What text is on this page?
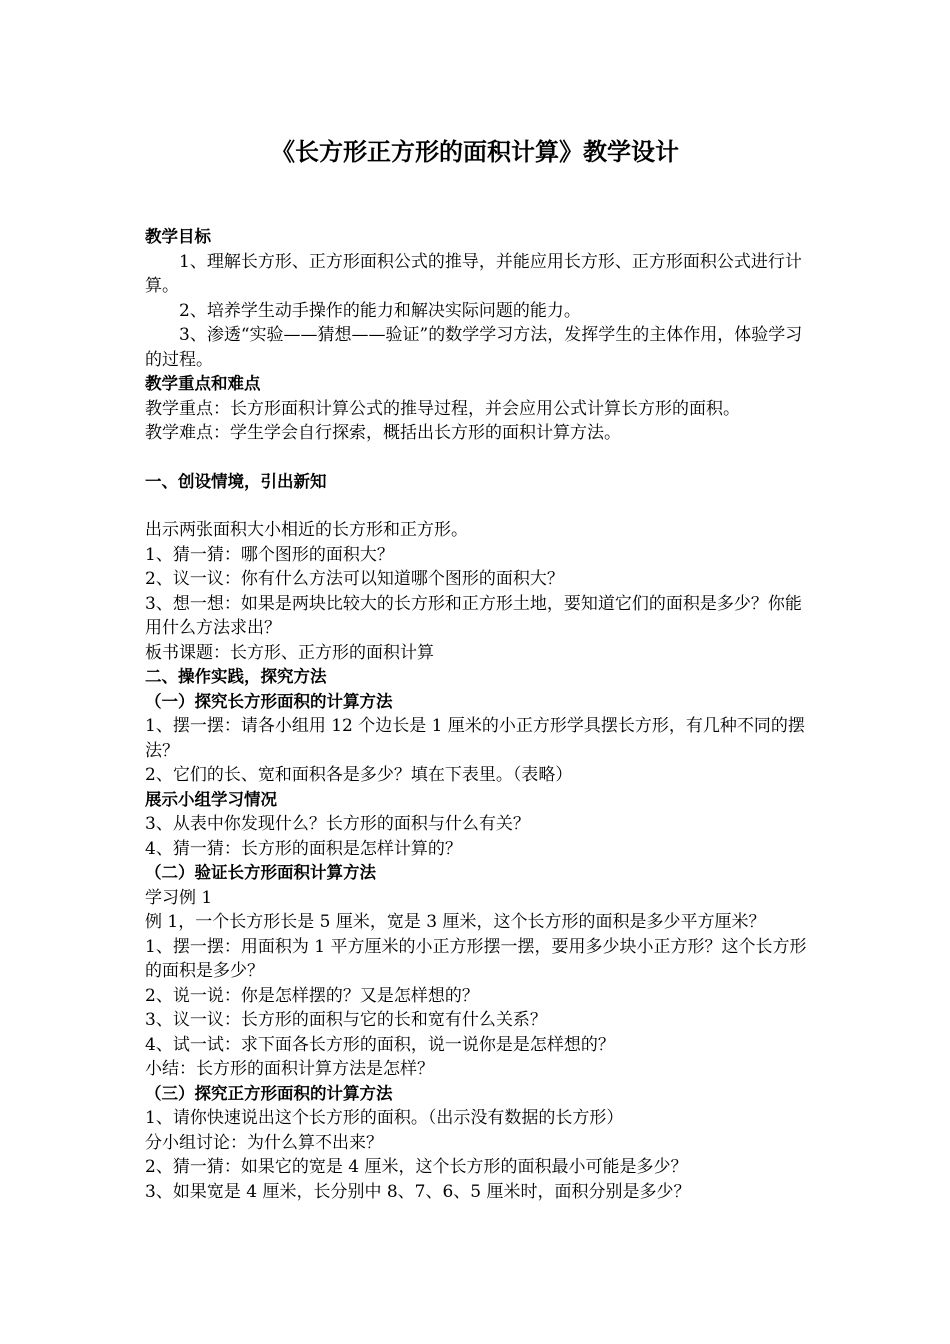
《长方形正方形的面积计算》教学设计

教学目标

1、理解长方形、正方形面积公式的推导，并能应用长方形、正方形面积公式进行计算。

2、培养学生动手操作的能力和解决实际问题的能力。

3、渗透“实验——猜想——验证”的数学学习方法，发挥学生的主体作用，体验学习的过程。

教学重点和难点

教学重点：长方形面积计算公式的推导过程，并会应用公式计算长方形的面积。

教学难点：学生学会自行探索，概括出长方形的面积计算方法。

一、创设情境，引出新知

出示两张面积大小相近的长方形和正方形。

1、猜一猜：哪个图形的面积大？

2、议一议：你有什么方法可以知道哪个图形的面积大？

3、想一想：如果是两块比较大的长方形和正方形土地，要知道它们的面积是多少？你能用什么方法求出？

板书课题：长方形、正方形的面积计算

二、操作实践，探究方法

（一）探究长方形面积的计算方法

1、摆一摆：请各小组用 12 个边长是 1 厘米的小正方形学具摆长方形，有几种不同的摆法？

2、它们的长、宽和面积各是多少？填在下表里。（表略）

展示小组学习情况

3、从表中你发现什么？长方形的面积与什么有关？

4、猜一猜：长方形的面积是怎样计算的？

（二）验证长方形面积计算方法

学习例 1

例 1，一个长方形长是 5 厘米，宽是 3 厘米，这个长方形的面积是多少平方厘米？

1、摆一摆：用面积为 1 平方厘米的小正方形摆一摆，要用多少块小正方形？这个长方形的面积是多少？

2、说一说：你是怎样摆的？又是怎样想的？

3、议一议：长方形的面积与它的长和宽有什么关系？

4、试一试：求下面各长方形的面积，说一说你是是怎样想的？

小结：长方形的面积计算方法是怎样？

（三）探究正方形面积的计算方法

1、请你快速说出这个长方形的面积。（出示没有数据的长方形）

分小组讨论：为什么算不出来？

2、猜一猜：如果它的宽是 4 厘米，这个长方形的面积最小可能是多少？

3、如果宽是 4 厘米，长分别中 8、7、6、5 厘米时，面积分别是多少？
